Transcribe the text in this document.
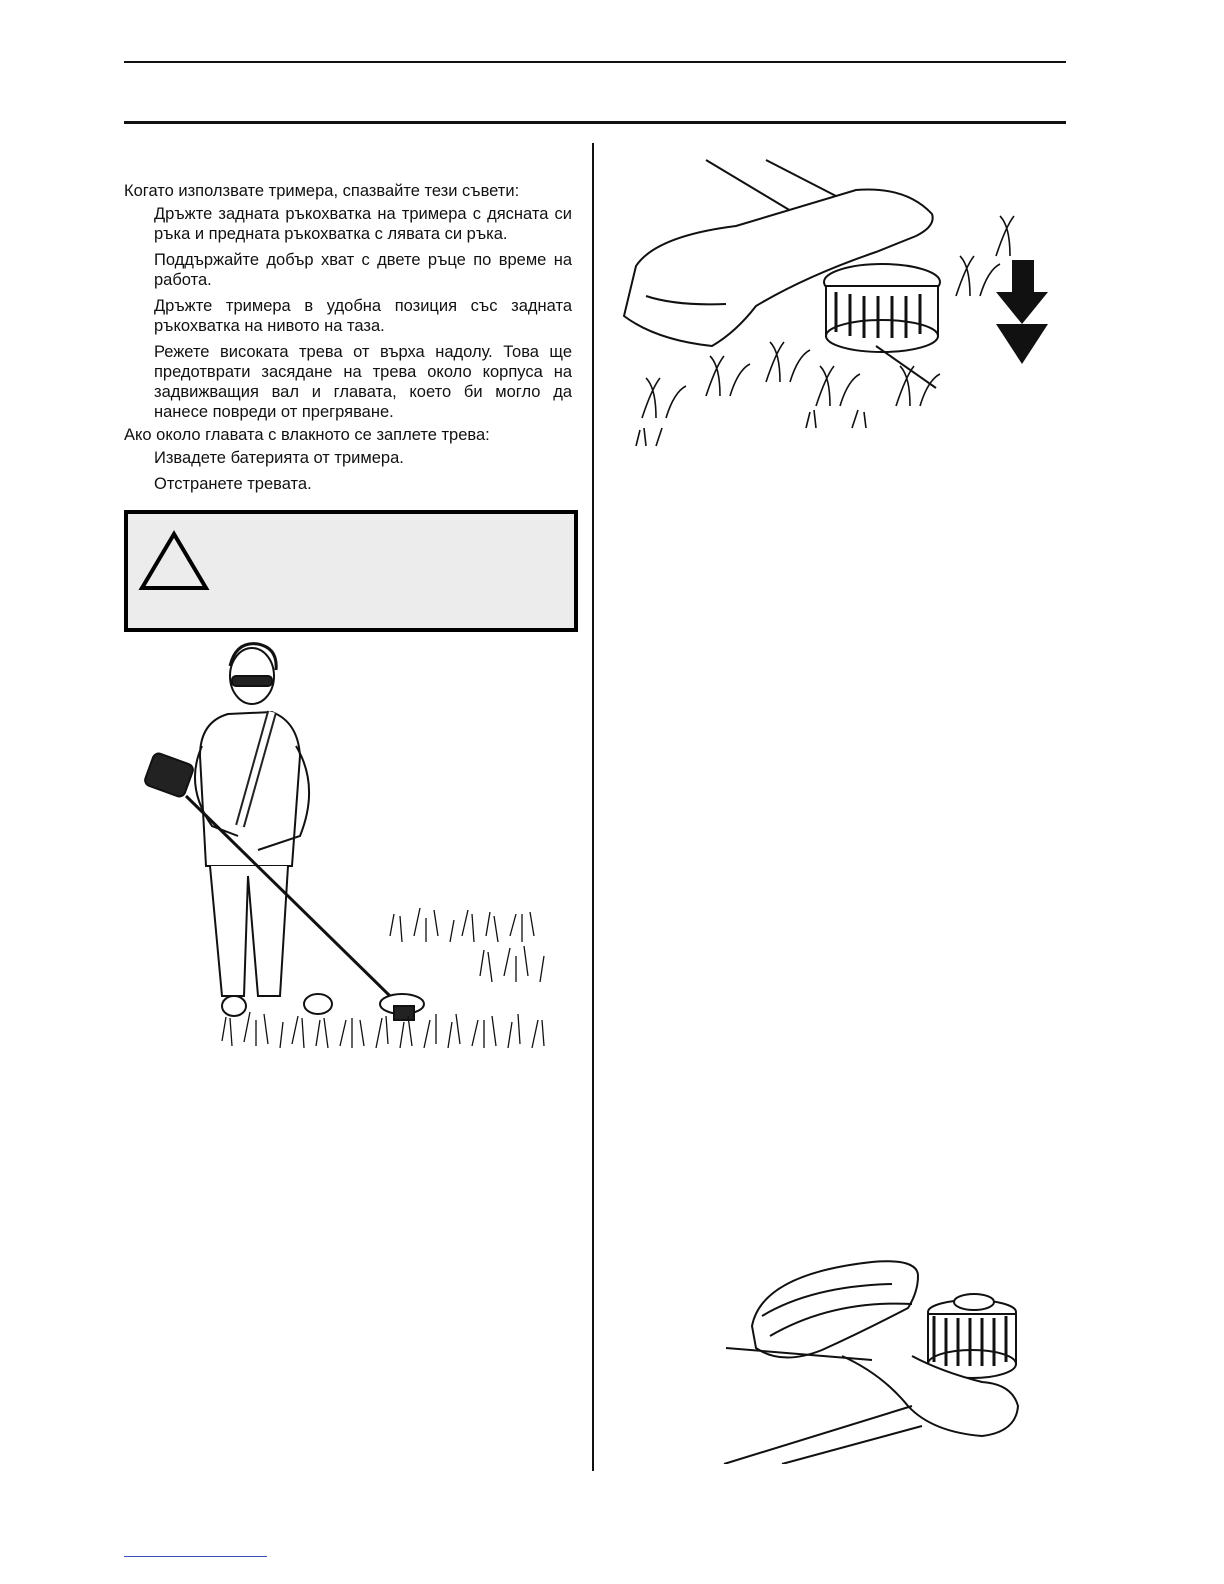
Когато използвате тримера, спазвайте тези съвети:

Дръжте задната ръкохватка на тримера с дясната си ръка и предната ръкохватка с лявата си ръка.

Поддържайте добър хват с двете ръце по време на работа.

Дръжте тримера в удобна позиция със задната ръкохватка на нивото на таза.

Режете високата трева от върха надолу. Това ще предотврати засядане на трева около корпуса на задвижващия вал и главата, което би могло да нанесе повреди от прегряване.

Ако около главата с влакното се заплете трева:

Извадете батерията от тримера.

Отстранете тревата.
